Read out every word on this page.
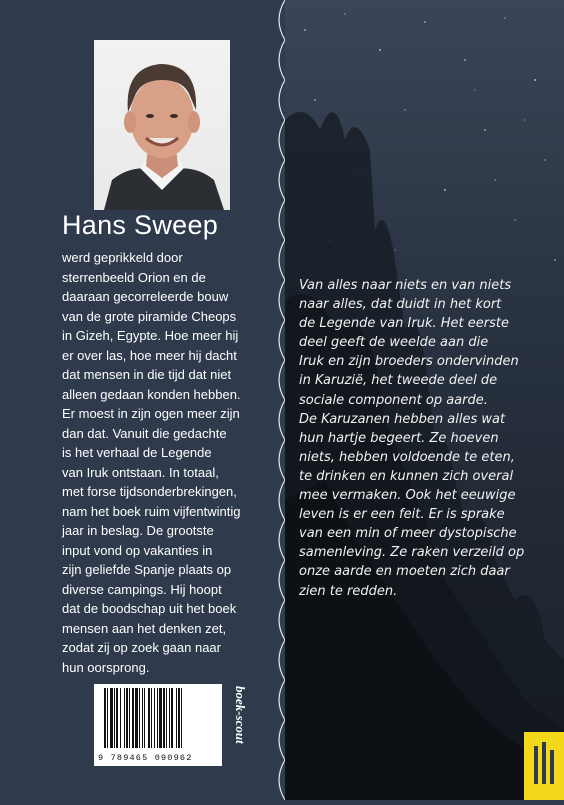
Hans Sweep

werd geprikkeld door
sterrenbeeld Orion en de
daaraan gecorreleerde bouw
van de grote piramide Cheops
in Gizeh, Egypte. Hoe meer hij
er over las, hoe meer hij dacht
dat mensen in die tijd dat niet
alleen gedaan konden hebben.
Er moest in zijn ogen meer zijn
dan dat. Vanuit die gedachte
is het verhaal de Legende
van Iruk ontstaan. In totaal,
met forse tijdsonderbrekingen,
nam het boek ruim vijfentwintig
jaar in beslag. De grootste
input vond op vakanties in
zijn geliefde Spanje plaats op
diverse campings. Hij hoopt
dat de boodschap uit het boek
mensen aan het denken zet,
zodat zij op zoek gaan naar
hun oorsprong.

9 789465 090962
boek-scout

Van alles naar niets en van niets
naar alles, dat duidt in het kort
de Legende van Iruk. Het eerste
deel geeft de weelde aan die
Iruk en zijn broeders ondervinden
in Karuzië, het tweede deel de
sociale component op aarde.
De Karuzanen hebben alles wat
hun hartje begeert. Ze hoeven
niets, hebben voldoende te eten,
te drinken en kunnen zich overal
mee vermaken. Ook het eeuwige
leven is er een feit. Er is sprake
van een min of meer dystopische
samenleving. Ze raken verzeild op
onze aarde en moeten zich daar
zien te redden.
